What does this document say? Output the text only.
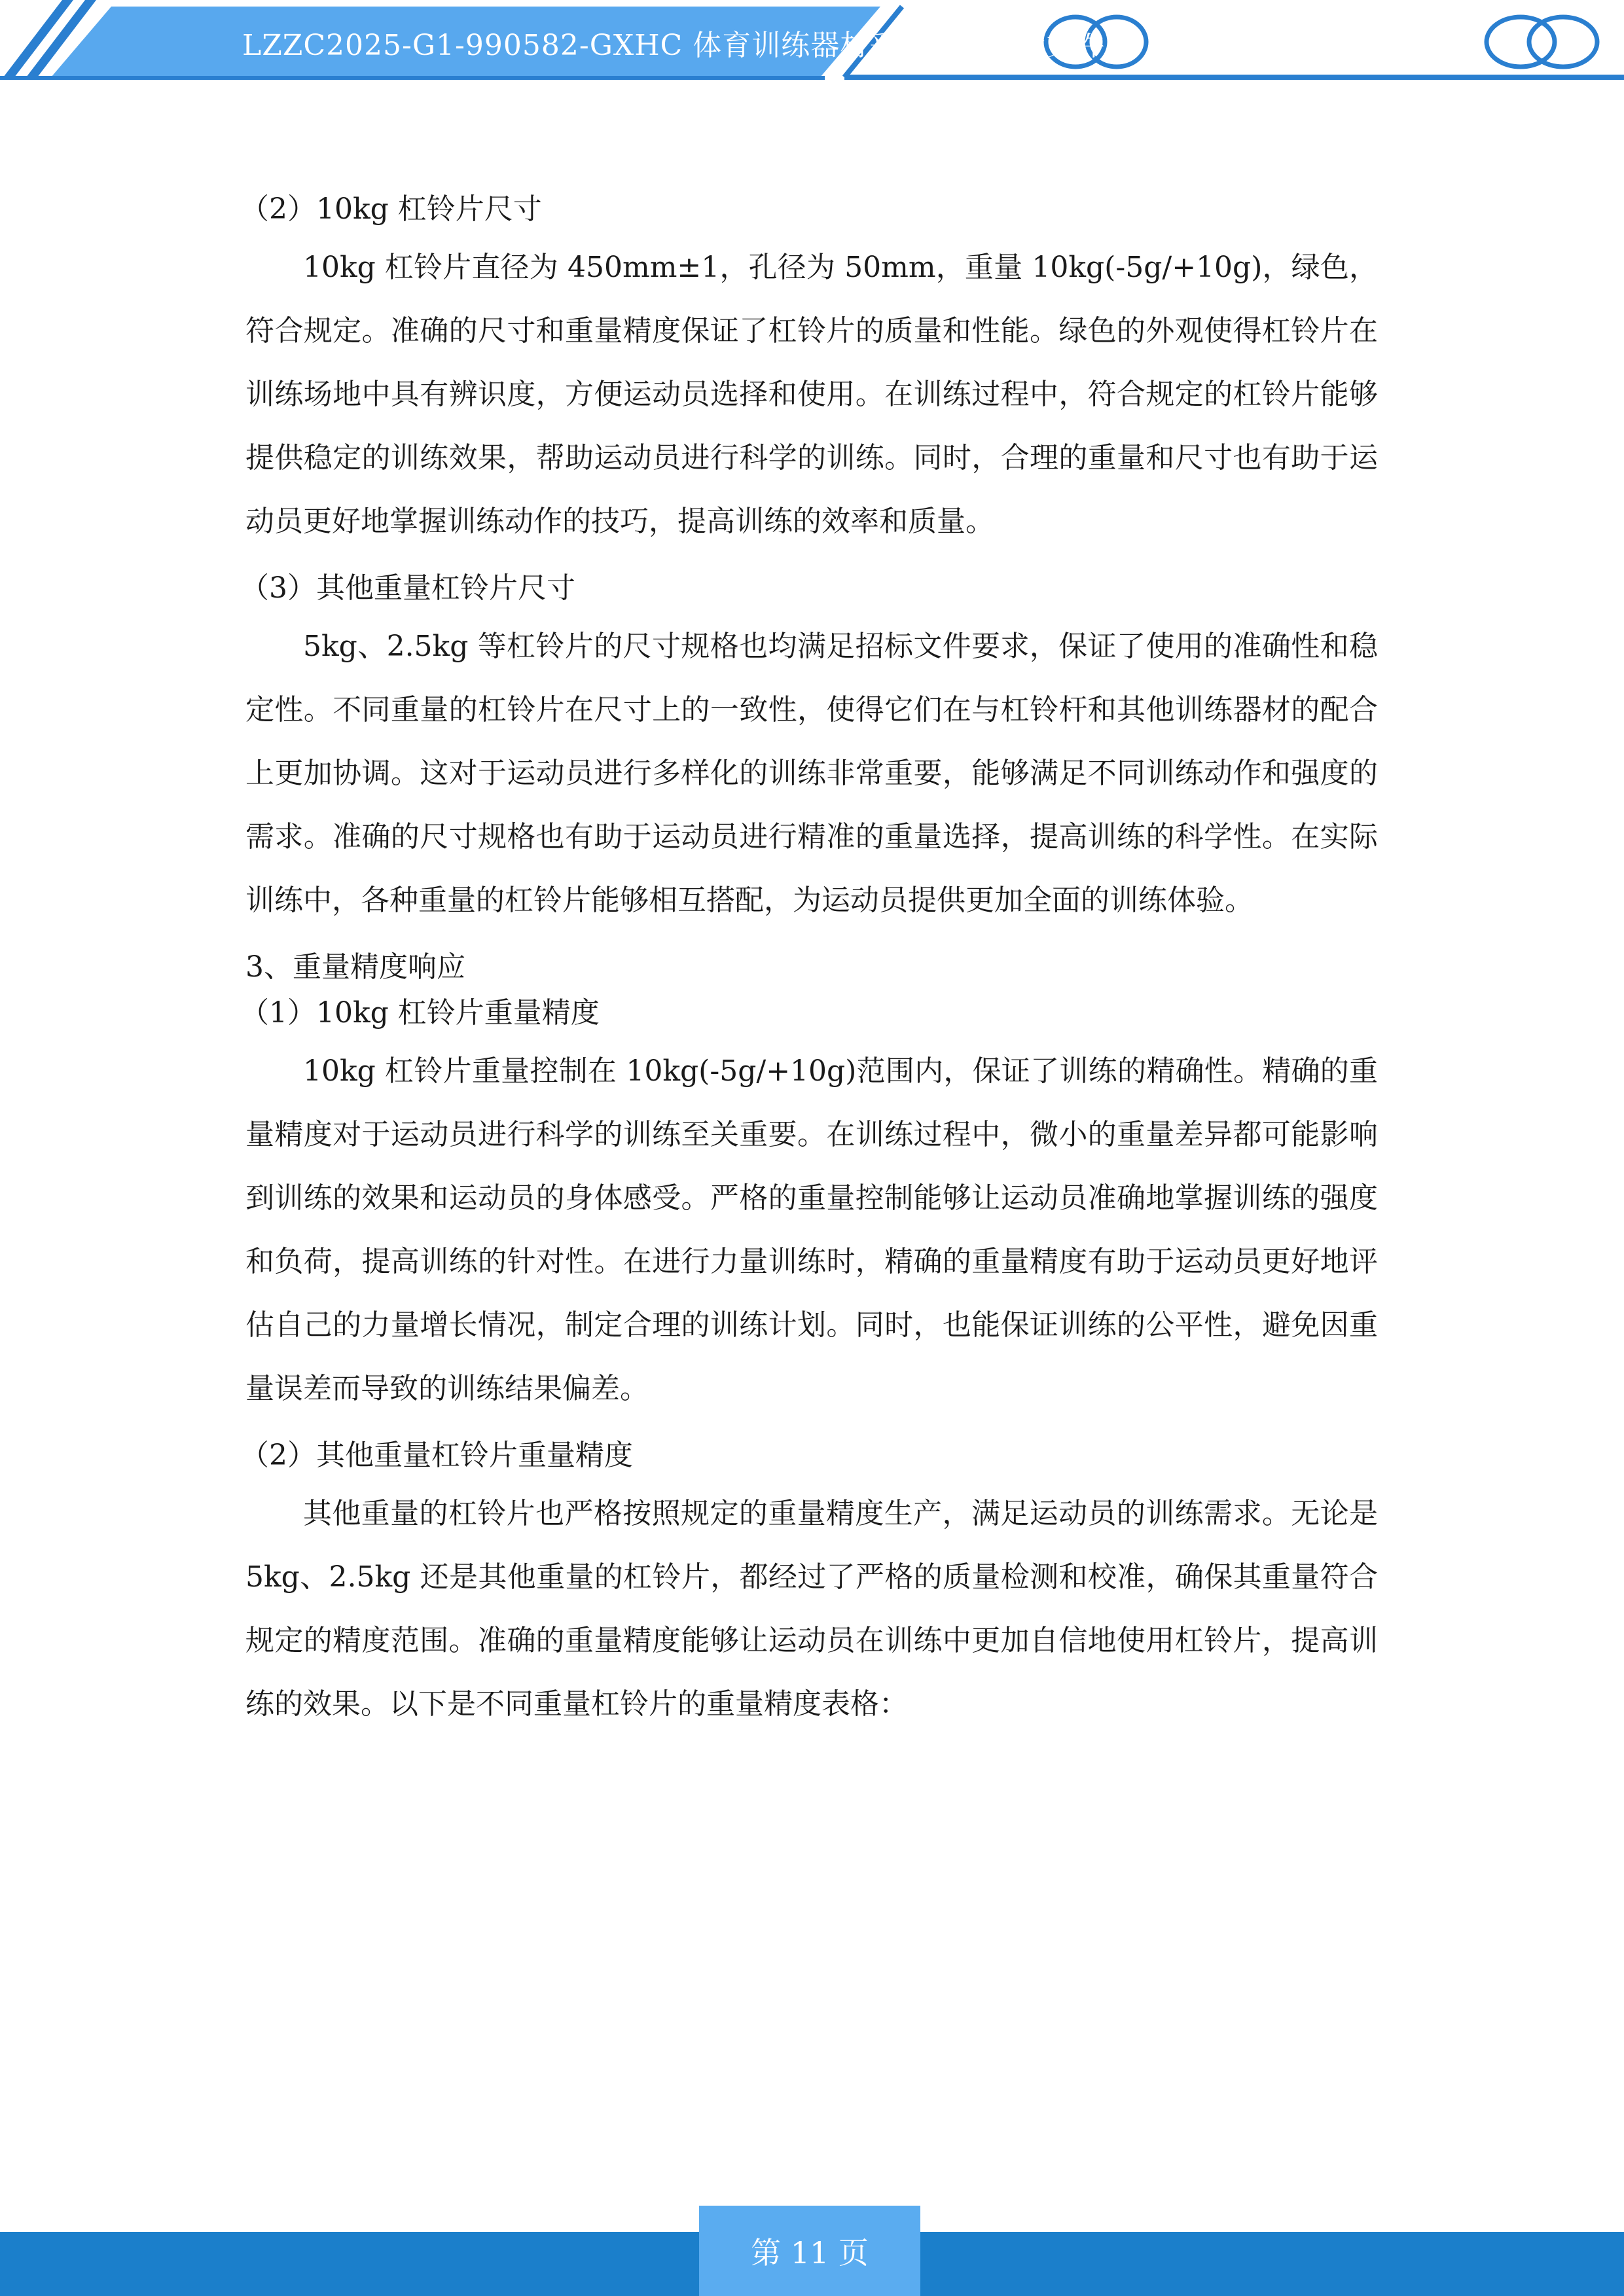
LZZC2025-G1-990582-GXHC 体育训练器材采购项目投标文件
（2）10kg 杠铃片尺寸

10kg 杠铃片直径为 450mm±1，孔径为 50mm，重量 10kg(-5g/+10g)，绿色，符合规定。准确的尺寸和重量精度保证了杠铃片的质量和性能。绿色的外观使得杠铃片在训练场地中具有辨识度，方便运动员选择和使用。在训练过程中，符合规定的杠铃片能够提供稳定的训练效果，帮助运动员进行科学的训练。同时，合理的重量和尺寸也有助于运动员更好地掌握训练动作的技巧，提高训练的效率和质量。

（3）其他重量杠铃片尺寸

5kg、2.5kg 等杠铃片的尺寸规格也均满足招标文件要求，保证了使用的准确性和稳定性。不同重量的杠铃片在尺寸上的一致性，使得它们在与杠铃杆和其他训练器材的配合上更加协调。这对于运动员进行多样化的训练非常重要，能够满足不同训练动作和强度的需求。准确的尺寸规格也有助于运动员进行精准的重量选择，提高训练的科学性。在实际训练中，各种重量的杠铃片能够相互搭配，为运动员提供更加全面的训练体验。

3、重量精度响应
（1）10kg 杠铃片重量精度

10kg 杠铃片重量控制在 10kg(-5g/+10g)范围内，保证了训练的精确性。精确的重量精度对于运动员进行科学的训练至关重要。在训练过程中，微小的重量差异都可能影响到训练的效果和运动员的身体感受。严格的重量控制能够让运动员准确地掌握训练的强度和负荷，提高训练的针对性。在进行力量训练时，精确的重量精度有助于运动员更好地评估自己的力量增长情况，制定合理的训练计划。同时，也能保证训练的公平性，避免因重量误差而导致的训练结果偏差。

（2）其他重量杠铃片重量精度

其他重量的杠铃片也严格按照规定的重量精度生产，满足运动员的训练需求。无论是 5kg、2.5kg 还是其他重量的杠铃片，都经过了严格的质量检测和校准，确保其重量符合规定的精度范围。准确的重量精度能够让运动员在训练中更加自信地使用杠铃片，提高训练的效果。以下是不同重量杠铃片的重量精度表格：

第 11 页
